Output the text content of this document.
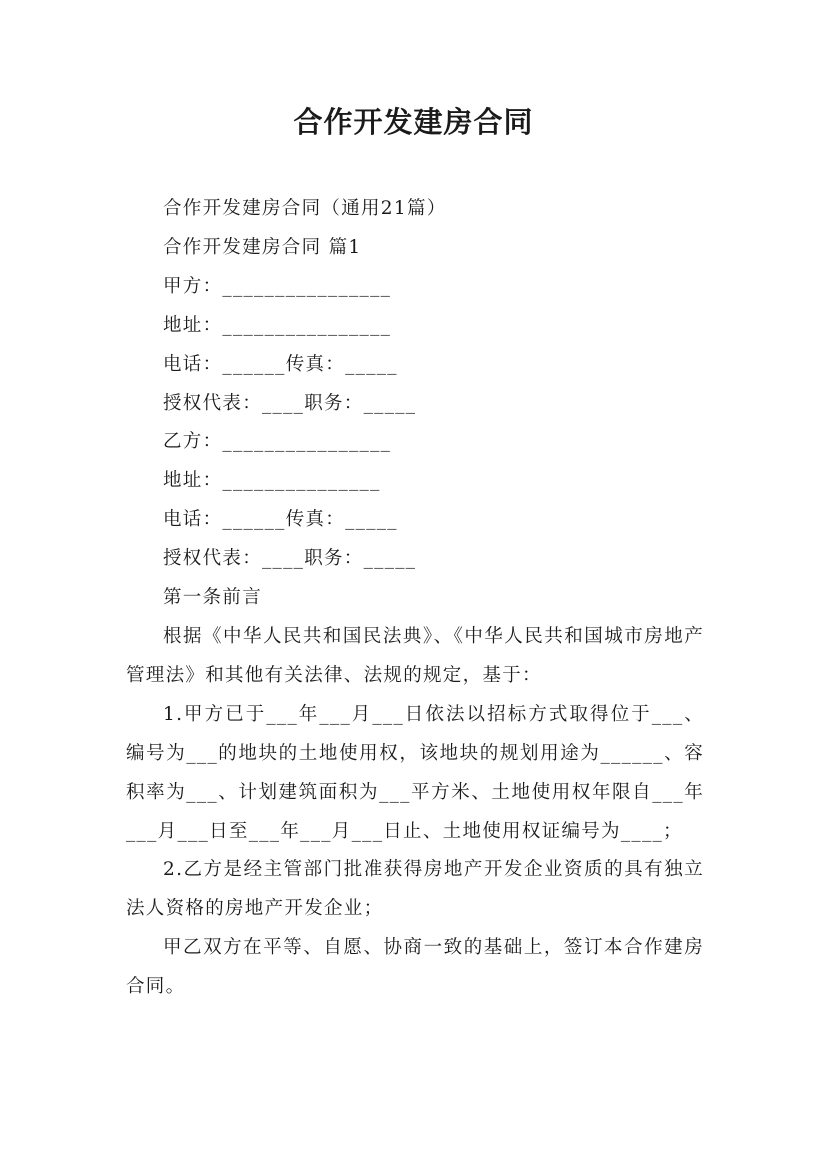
合作开发建房合同

合作开发建房合同（通用21篇）

合作开发建房合同 篇1

甲方：________________

地址：________________

电话：______传真：_____

授权代表：____职务：_____

乙方：________________

地址：_______________

电话：______传真：_____

授权代表：____职务：_____

第一条前言

根据《中华人民共和国民法典》、《中华人民共和国城市房地产管理法》和其他有关法律、法规的规定，基于：

1.甲方已于___年___月___日依法以招标方式取得位于___、编号为___的地块的土地使用权，该地块的规划用途为______、容积率为___、计划建筑面积为___平方米、土地使用权年限自___年___月___日至___年___月___日止、土地使用权证编号为____；

2.乙方是经主管部门批准获得房地产开发企业资质的具有独立法人资格的房地产开发企业；

甲乙双方在平等、自愿、协商一致的基础上，签订本合作建房合同。
